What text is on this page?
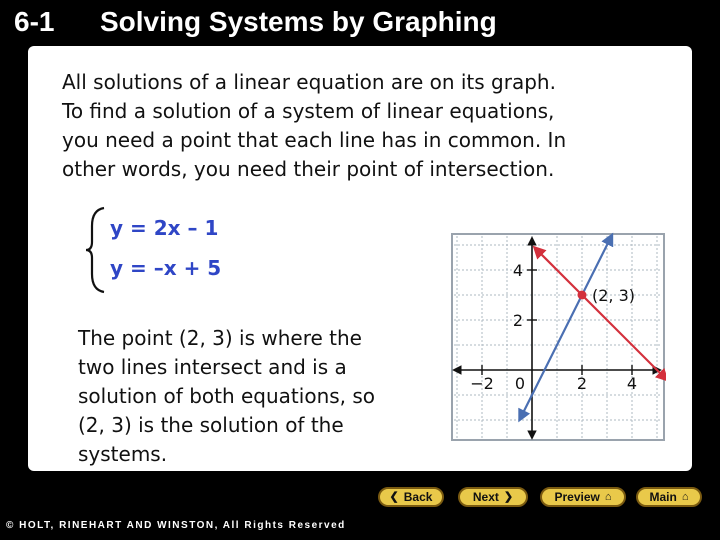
6-1 Solving Systems by Graphing

All solutions of a linear equation are on its graph.

To find a solution of a system of linear equations,

you need a point that each line has in common. In

other words, you need their point of intersection.

y = 2x – 1
y = –x + 5

The point (2, 3) is where the

two lines intersect and is a

solution of both equations, so

(2, 3) is the solution of the

systems.

−2 0	2 4
2
4
(2, 3)
❮ Back	Next ❯	Preview ⌂	Main ⌂
© HOLT, RINEHART AND WINSTON, All Rights Reserved
